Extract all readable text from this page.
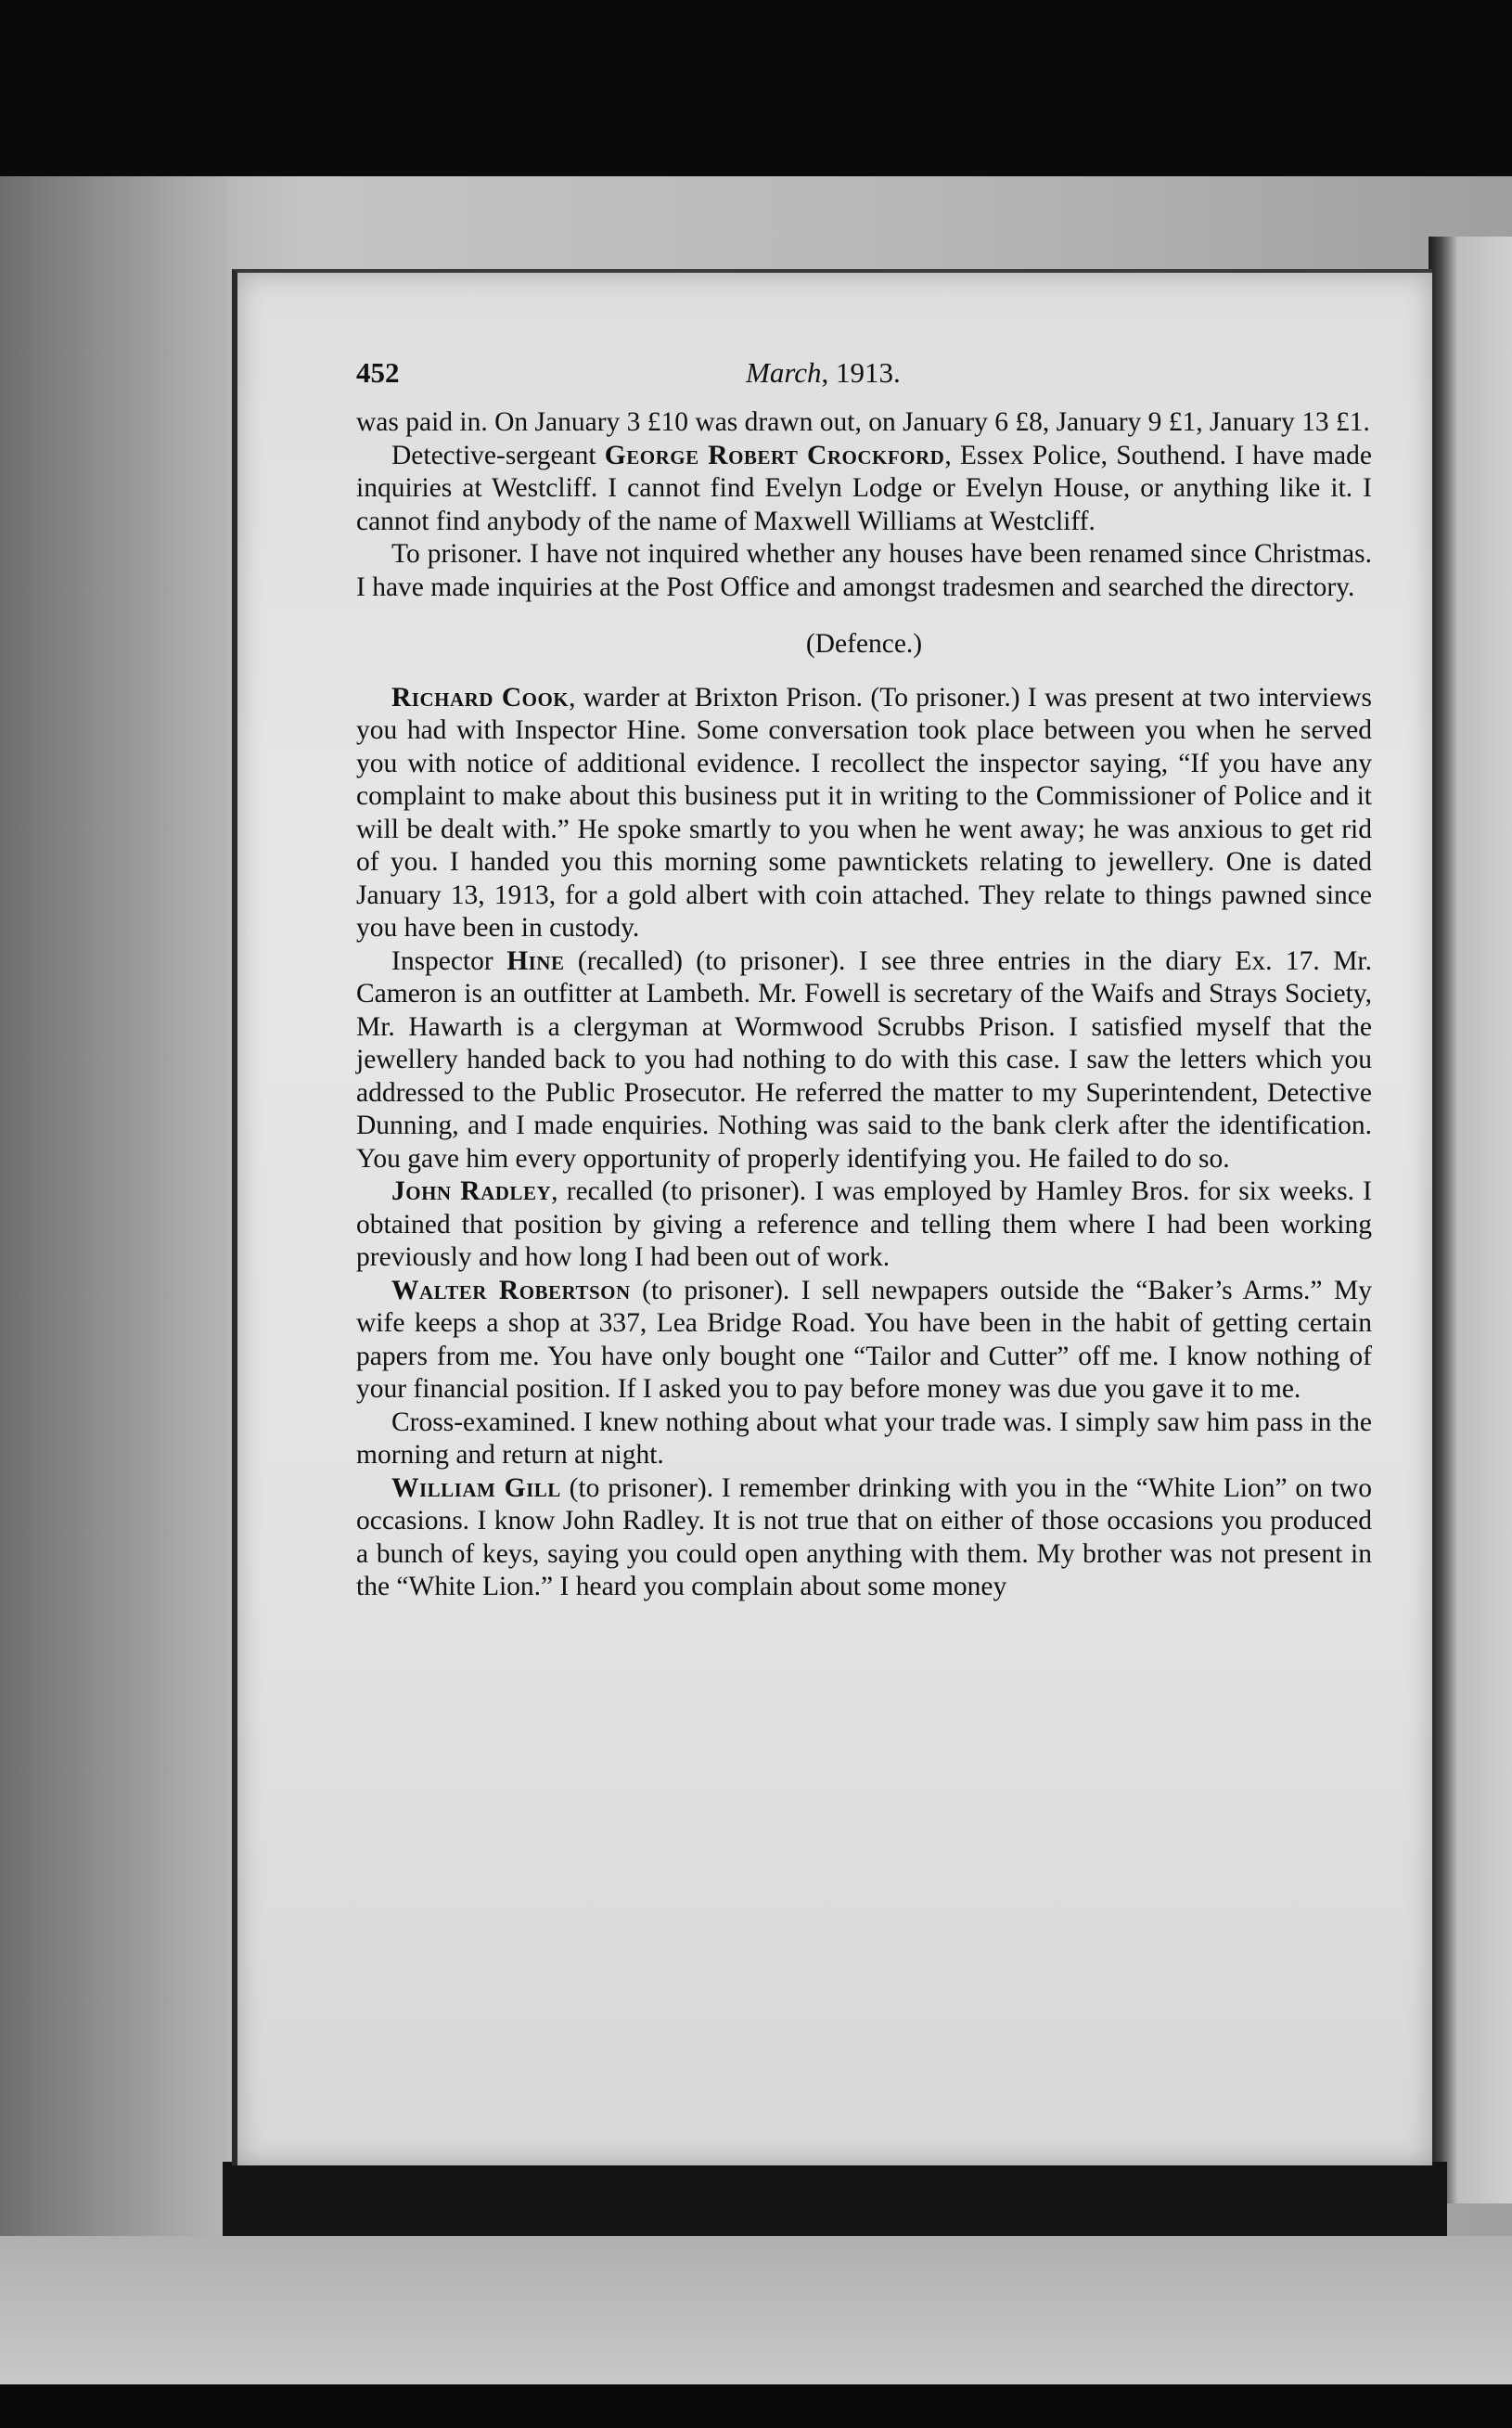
452	March, 1913.

was paid in. On January 3 £10 was drawn out, on January 6 £8, January 9 £1, January 13 £1.

Detective-sergeant George Robert Crockford, Essex Police, Southend. I have made inquiries at Westcliff. I cannot find Evelyn Lodge or Evelyn House, or anything like it. I cannot find anybody of the name of Maxwell Williams at Westcliff.

To prisoner. I have not inquired whether any houses have been renamed since Christmas. I have made inquiries at the Post Office and amongst tradesmen and searched the directory.

(Defence.)

Richard Cook, warder at Brixton Prison. (To prisoner.) I was present at two interviews you had with Inspector Hine. Some conversation took place between you when he served you with notice of additional evidence. I recollect the inspector saying, “If you have any complaint to make about this business put it in writing to the Commissioner of Police and it will be dealt with.” He spoke smartly to you when he went away; he was anxious to get rid of you. I handed you this morning some pawntickets relating to jewellery. One is dated January 13, 1913, for a gold albert with coin attached. They relate to things pawned since you have been in custody.

Inspector Hine (recalled) (to prisoner). I see three entries in the diary Ex. 17. Mr. Cameron is an outfitter at Lambeth. Mr. Fowell is secretary of the Waifs and Strays Society, Mr. Hawarth is a clergyman at Wormwood Scrubbs Prison. I satisfied myself that the jewellery handed back to you had nothing to do with this case. I saw the letters which you addressed to the Public Prosecutor. He referred the matter to my Superintendent, Detective Dunning, and I made enquiries. Nothing was said to the bank clerk after the identification. You gave him every opportunity of properly identifying you. He failed to do so.

John Radley, recalled (to prisoner). I was employed by Hamley Bros. for six weeks. I obtained that position by giving a reference and telling them where I had been working previously and how long I had been out of work.

Walter Robertson (to prisoner). I sell newpapers outside the “Baker’s Arms.” My wife keeps a shop at 337, Lea Bridge Road. You have been in the habit of getting certain papers from me. You have only bought one “Tailor and Cutter” off me. I know nothing of your financial position. If I asked you to pay before money was due you gave it to me.

Cross-examined. I knew nothing about what your trade was. I simply saw him pass in the morning and return at night.

William Gill (to prisoner). I remember drinking with you in the “White Lion” on two occasions. I know John Radley. It is not true that on either of those occasions you produced a bunch of keys, saying you could open anything with them. My brother was not present in the “White Lion.” I heard you complain about some money
